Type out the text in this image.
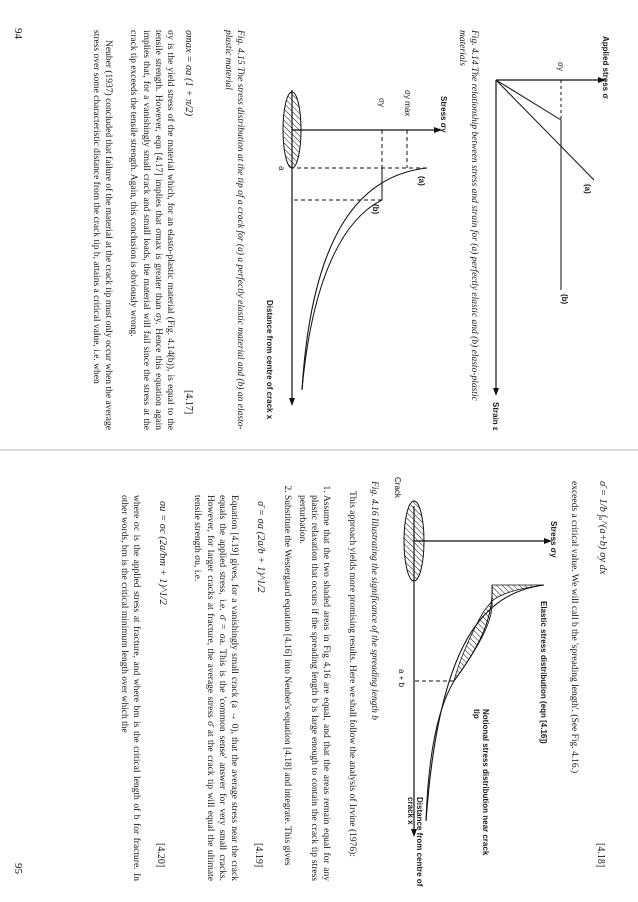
Applied stress σ
σy
(a)
(b)
Strain ε
Fig. 4.14 The relationship between stress and strain for (a) perfectly elastic and (b) elasto-plastic materials
Stress σy
σy max
σy
(a)
(b)
a
Distance from centre of crack x
Fig. 4.15 The stress distribution at the tip of a crack for (a) a perfectly elastic material and (b) an elasto-plastic material
σmax = σa (1 + π/2)
[4.17]
σy is the yield stress of the material which, for an elasto-plastic material (Fig. 4.14(b)), is equal to the tensile strength. However, eqn [4.17] implies that σmax is greater than σy. Hence this equation again implies that, for a vanishingly small crack and small loads, the material will fail since the stress at the crack tip exceeds the tensile strength. Again, this conclusion is obviously wrong.
Neuber (1937) concluded that failure of the material at the crack tip must only occur when the average stress over some characteristic distance from the crack tip b, attains a critical value, i.e. when
94
σ̄ = 1/b ∫ₐ^(a+b) σy dx
[4.18]
exceeds a critical value. We will call b the 'spreading length'. (See Fig. 4.16.)
Stress σy
Elastic stress distribution (eqn [4.16])
Notional stress distribution near crack tip
Crack
a + b
Distance from centre of crack x
Fig. 4.16 Illustrating the significance of the spreading length b
This approach yields more promising results. Here we shall follow the analysis of Irvine (1976):
1. Assume that the two shaded areas in Fig 4.16 are equal, and that the areas remain equal for any plastic relaxation that occurs if the spreading length b is large enough to contain the crack tip stress perturbation.
2. Substitute the Westergaard equation [4.16] into Neuber's equation [4.18] and integrate. This gives
σ̄ = σa (2a/b + 1)^1/2
[4.19]
Equation [4.19] gives, for a vanishingly small crack (a → 0), that the average stress near the crack equals the applied stress, i.e. σ̄ = σa. This is the 'common sense' answer for very small cracks. However, for larger cracks at fracture, the average stress σ̄ at the crack tip will equal the ultimate tensile strength σu, i.e.
σu = σc (2a/bm + 1)^1/2
[4.20]
where σc is the applied stress at fracture, and where bm is the critical length of b for fracture. In other words, bm is the critical minimum length over which the
95
